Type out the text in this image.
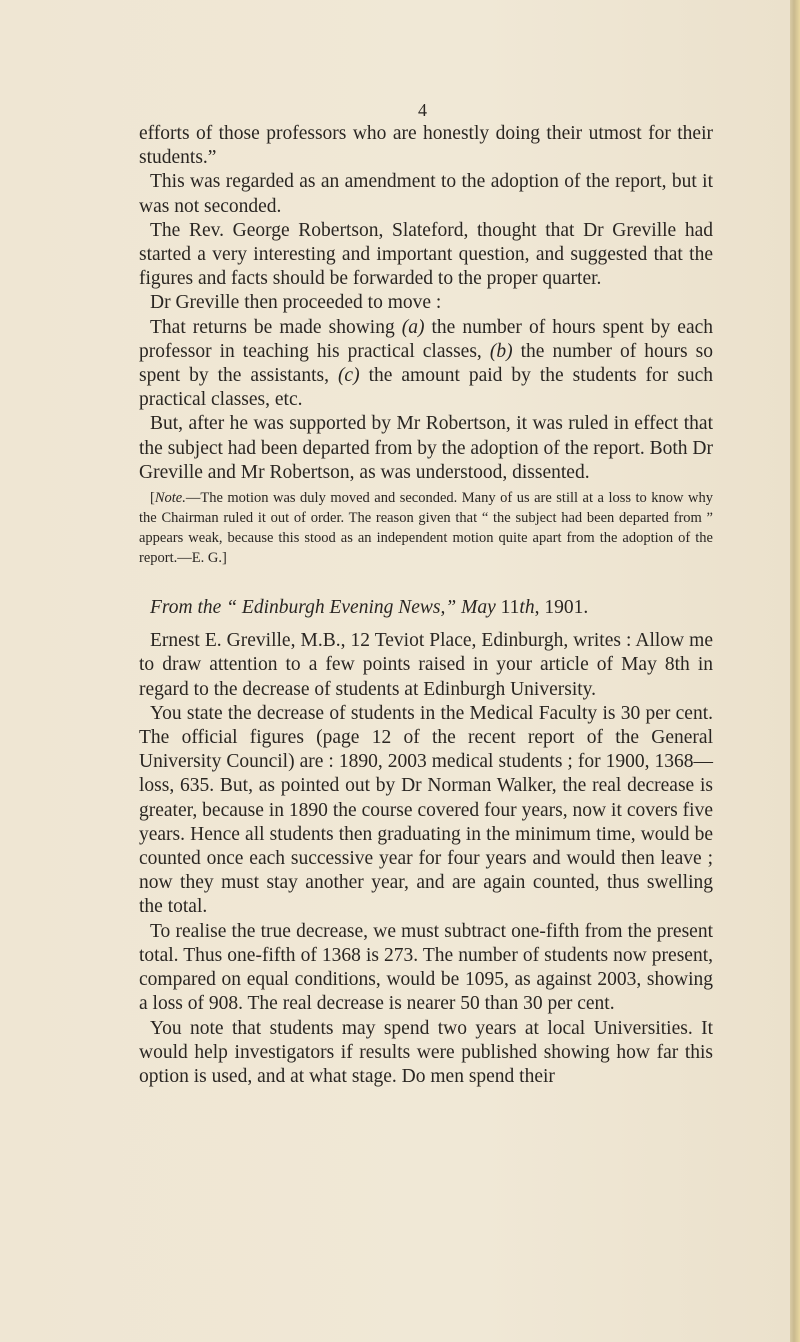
4

efforts of those professors who are honestly doing their utmost for their students.”

This was regarded as an amendment to the adoption of the report, but it was not seconded.

The Rev. George Robertson, Slateford, thought that Dr Greville had started a very interesting and important question, and suggested that the figures and facts should be forwarded to the proper quarter.

Dr Greville then proceeded to move :

That returns be made showing (a) the number of hours spent by each professor in teaching his practical classes, (b) the number of hours so spent by the assistants, (c) the amount paid by the students for such practical classes, etc.

But, after he was supported by Mr Robertson, it was ruled in effect that the subject had been departed from by the adoption of the report. Both Dr Greville and Mr Robertson, as was understood, dissented.

[Note.—The motion was duly moved and seconded. Many of us are still at a loss to know why the Chairman ruled it out of order. The reason given that “ the subject had been departed from ” appears weak, because this stood as an independent motion quite apart from the adoption of the report.—E. G.]

From the “ Edinburgh Evening News,” May 11th, 1901.

Ernest E. Greville, M.B., 12 Teviot Place, Edinburgh, writes : Allow me to draw attention to a few points raised in your article of May 8th in regard to the decrease of students at Edinburgh University.

You state the decrease of students in the Medical Faculty is 30 per cent. The official figures (page 12 of the recent report of the General University Council) are : 1890, 2003 medical students ; for 1900, 1368—loss, 635. But, as pointed out by Dr Norman Walker, the real decrease is greater, because in 1890 the course covered four years, now it covers five years. Hence all students then graduating in the minimum time, would be counted once each successive year for four years and would then leave ; now they must stay another year, and are again counted, thus swelling the total.

To realise the true decrease, we must subtract one-fifth from the present total. Thus one-fifth of 1368 is 273. The number of students now present, compared on equal conditions, would be 1095, as against 2003, showing a loss of 908. The real decrease is nearer 50 than 30 per cent.

You note that students may spend two years at local Universities. It would help investigators if results were published showing how far this option is used, and at what stage. Do men spend their
